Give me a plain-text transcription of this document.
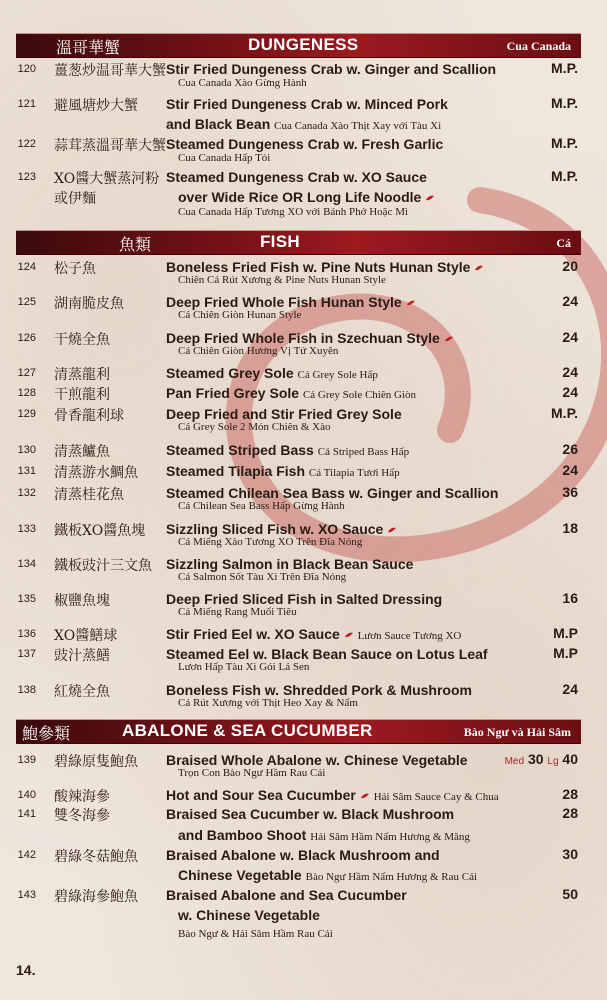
溫哥華蟹	DUNGENESS	Cua Canada
120 薑葱炒温哥華大蟹 Stir Fried Dungeness Crab w. Ginger and Scallion	M.P.
Cua Canada Xào Gừng Hành
121 避風塘炒大蟹 Stir Fried Dungeness Crab w. Minced Pork	M.P.
and Black Bean Cua Canada Xào Thịt Xay với Tàu Xì
122 蒜茸蒸溫哥華大蟹 Steamed Dungeness Crab w. Fresh Garlic	M.P.
Cua Canada Hấp Tỏi
123 XO醬大蟹蒸河粉
或伊麵
Steamed Dungeness Crab w. XO Sauce	M.P.
over Wide Rice OR Long Life Noodle
Cua Canada Hấp Tương XO với Bánh Phở Hoặc Mì
魚類	FISH	Cá
124 松子魚	Boneless Fried Fish w. Pine Nuts Hunan Style	20
Chiên Cá Rút Xương & Pine Nuts Hunan Style
125 湖南脆皮魚	Deep Fried Whole Fish Hunan Style	24
Cá Chiên Giòn Hunan Style
126 干燒全魚	Deep Fried Whole Fish in Szechuan Style	24
Cá Chiên Giòn Hương Vị Tứ Xuyên
127 清蒸龍利	Steamed Grey Sole Cá Grey Sole Hấp	24
128 干煎龍利	Pan Fried Grey Sole Cá Grey Sole Chiên Giòn	24
129 骨香龍利球	Deep Fried and Stir Fried Grey Sole	M.P.
Cá Grey Sole 2 Món Chiên & Xào
130 清蒸鱸魚	Steamed Striped Bass Cá Striped Bass Hấp	26
131 清蒸游水鯛魚 Steamed Tilapia Fish Cá Tilapia Tươi Hấp	24
132 清蒸桂花魚	Steamed Chilean Sea Bass w. Ginger and Scallion	36
Cá Chilean Sea Bass Hấp Gừng Hành
133 鐵板XO醬魚塊 Sizzling Sliced Fish w. XO Sauce	18
Cá Miếng Xào Tương XO Trên Đĩa Nóng
134 鐵板豉汁三文魚 Sizzling Salmon in Black Bean Sauce
Cá Salmon Sốt Tàu Xì Trên Đĩa Nóng
135 椒鹽魚塊	Deep Fried Sliced Fish in Salted Dressing	16
Cá Miếng Rang Muối Tiêu
136 XO醬鱔球	Stir Fried Eel w. XO Sauce Lươn Sauce Tương XO	M.P
137 豉汁蒸鱔	Steamed Eel w. Black Bean Sauce on Lotus Leaf	M.P
Lươn Hấp Tàu Xì Gói Lá Sen
138 紅燒全魚	Boneless Fish w. Shredded Pork & Mushroom	24
Cá Rút Xương với Thịt Heo Xay & Nấm
鮑參類	ABALONE & SEA CUCUMBER	Bào Ngư và Hải Sâm
139 碧綠原隻鮑魚 Braised Whole Abalone w. Chinese Vegetable	Med 30 Lg 40
Trọn Con Bào Ngư Hầm Rau Cải
140 酸辣海參	Hot and Sour Sea Cucumber Hải Sâm Sauce Cay & Chua	28
141 雙冬海參	Braised Sea Cucumber w. Black Mushroom	28
and Bamboo Shoot Hải Sâm Hầm Nấm Hương & Măng
142 碧綠冬菇鮑魚 Braised Abalone w. Black Mushroom and	30
Chinese Vegetable Bào Ngư Hầm Nấm Hương & Rau Cải
143 碧綠海參鮑魚 Braised Abalone and Sea Cucumber	50
w. Chinese Vegetable
Bào Ngư & Hải Sâm Hầm Rau Cải
14.
